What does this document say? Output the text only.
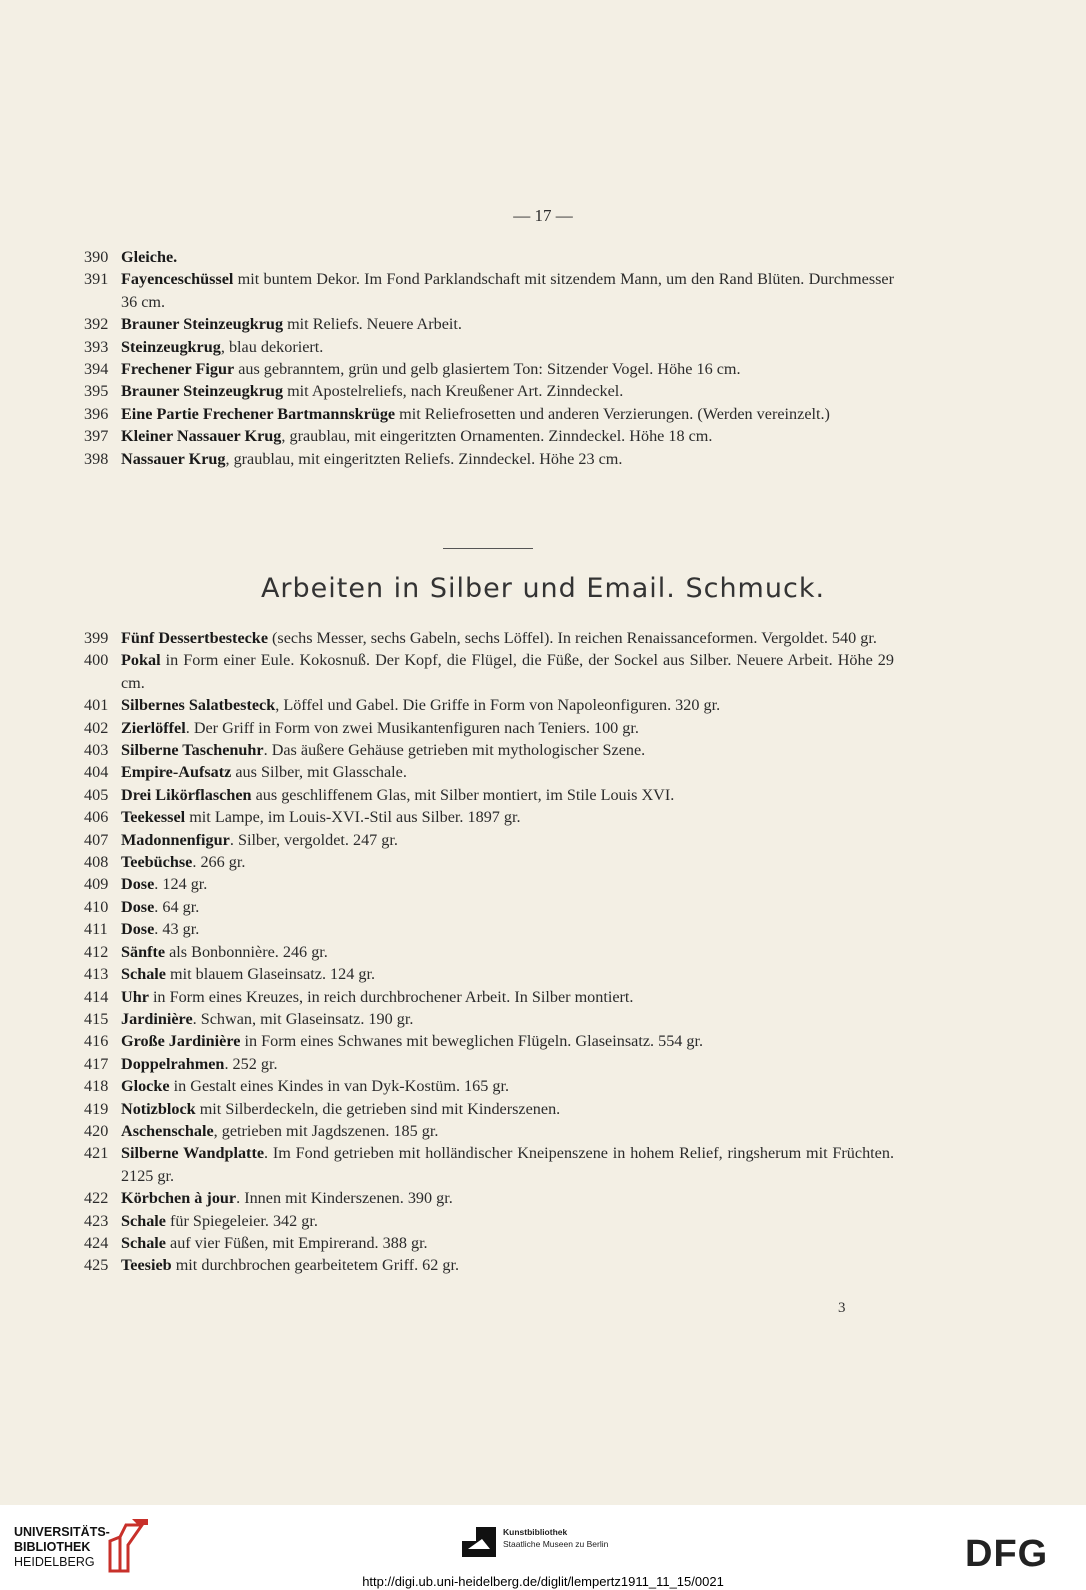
— 17 —
390 Gleiche.
391 Fayenceschüssel mit buntem Dekor. Im Fond Parklandschaft mit sitzendem Mann, um den Rand Blüten. Durchmesser 36 cm.
392 Brauner Steinzeugkrug mit Reliefs. Neuere Arbeit.
393 Steinzeugkrug, blau dekoriert.
394 Frechener Figur aus gebranntem, grün und gelb glasiertem Ton: Sitzender Vogel. Höhe 16 cm.
395 Brauner Steinzeugkrug mit Apostelreliefs, nach Kreußener Art. Zinndeckel.
396 Eine Partie Frechener Bartmannskrüge mit Reliefrosetten und anderen Verzierungen. (Werden vereinzelt.)
397 Kleiner Nassauer Krug, graublau, mit eingeritzten Ornamenten. Zinndeckel. Höhe 18 cm.
398 Nassauer Krug, graublau, mit eingeritzten Reliefs. Zinndeckel. Höhe 23 cm.
Arbeiten in Silber und Email. Schmuck.
399 Fünf Dessertbestecke (sechs Messer, sechs Gabeln, sechs Löffel). In reichen Renaissanceformen. Vergoldet. 540 gr.
400 Pokal in Form einer Eule. Kokosnuß. Der Kopf, die Flügel, die Füße, der Sockel aus Silber. Neuere Arbeit. Höhe 29 cm.
401 Silbernes Salatbesteck, Löffel und Gabel. Die Griffe in Form von Napoleonfiguren. 320 gr.
402 Zierlöffel. Der Griff in Form von zwei Musikantenfiguren nach Teniers. 100 gr.
403 Silberne Taschenuhr. Das äußere Gehäuse getrieben mit mythologischer Szene.
404 Empire-Aufsatz aus Silber, mit Glasschale.
405 Drei Likörflaschen aus geschliffenem Glas, mit Silber montiert, im Stile Louis XVI.
406 Teekessel mit Lampe, im Louis-XVI.-Stil aus Silber. 1897 gr.
407 Madonnenfigur. Silber, vergoldet. 247 gr.
408 Teebüchse. 266 gr.
409 Dose. 124 gr.
410 Dose. 64 gr.
411 Dose. 43 gr.
412 Sänfte als Bonbonnière. 246 gr.
413 Schale mit blauem Glaseinsatz. 124 gr.
414 Uhr in Form eines Kreuzes, in reich durchbrochener Arbeit. In Silber montiert.
415 Jardinière. Schwan, mit Glaseinsatz. 190 gr.
416 Große Jardinière in Form eines Schwanes mit beweglichen Flügeln. Glaseinsatz. 554 gr.
417 Doppelrahmen. 252 gr.
418 Glocke in Gestalt eines Kindes in van Dyk-Kostüm. 165 gr.
419 Notizblock mit Silberdeckeln, die getrieben sind mit Kinderszenen.
420 Aschenschale, getrieben mit Jagdszenen. 185 gr.
421 Silberne Wandplatte. Im Fond getrieben mit holländischer Kneipenszene in hohem Relief, ringsherum mit Früchten. 2125 gr.
422 Körbchen à jour. Innen mit Kinderszenen. 390 gr.
423 Schale für Spiegeleier. 342 gr.
424 Schale auf vier Füßen, mit Empirerand. 388 gr.
425 Teesieb mit durchbrochen gearbeitetem Griff. 62 gr.
3
UNIVERSITÄTS-
BIBLIOTHEK
HEIDELBERG
Kunstbibliothek
Staatliche Museen zu Berlin	DFG
http://digi.ub.uni-heidelberg.de/diglit/lempertz1911_11_15/0021
